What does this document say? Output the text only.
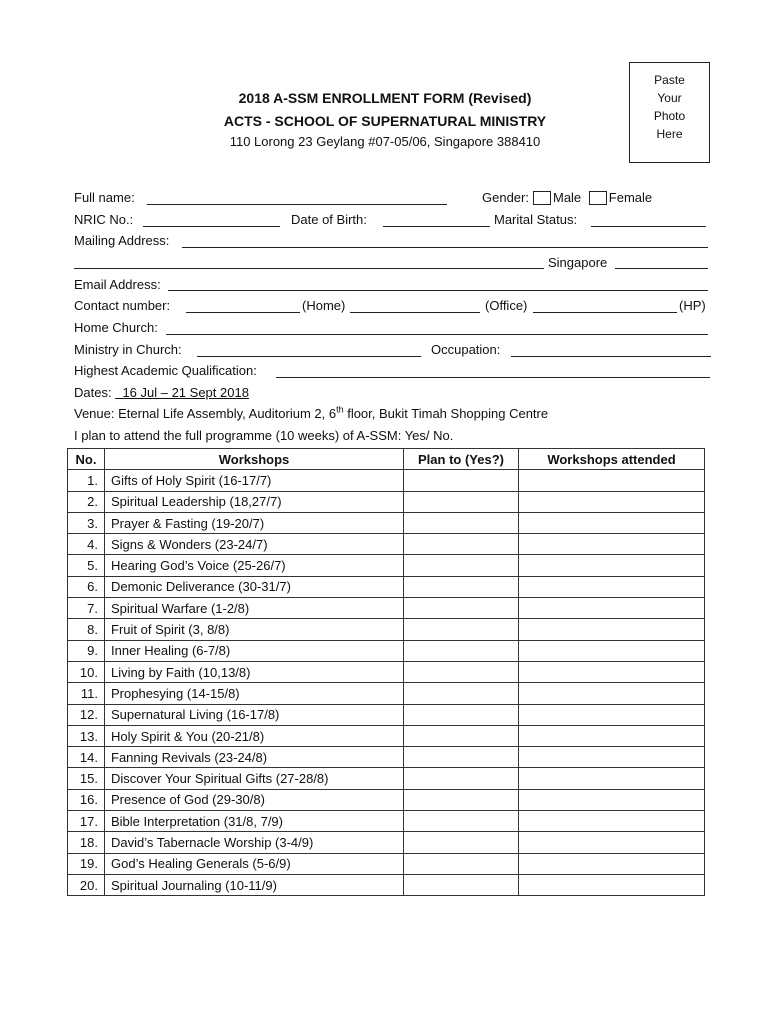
Paste
Your
Photo
Here
2018 A-SSM ENROLLMENT FORM (Revised)
ACTS - SCHOOL OF SUPERNATURAL MINISTRY
110 Lorong 23 Geylang #07-05/06, Singapore 388410
Full name:	Gender: Male Female
NRIC No.:	Date of Birth:	Marital Status:
Mailing Address:
Singapore
Email Address:
Contact number:	(Home)	(Office)	(HP)
Home Church:
Ministry in Church:	Occupation:
Highest Academic Qualification:
Dates: 16 Jul – 21 Sept 2018
Venue: Eternal Life Assembly, Auditorium 2, 6th floor, Bukit Timah Shopping Centre
I plan to attend the full programme (10 weeks) of A-SSM: Yes/ No.
No.	Workshops	Plan to (Yes?)	Workshops attended
1.	Gifts of Holy Spirit (16-17/7)		
2.	Spiritual Leadership (18,27/7)		
3.	Prayer & Fasting (19-20/7)		
4.	Signs & Wonders (23-24/7)		
5.	Hearing God’s Voice (25-26/7)		
6.	Demonic Deliverance (30-31/7)		
7.	Spiritual Warfare (1-2/8)		
8.	Fruit of Spirit (3, 8/8)		
9.	Inner Healing (6-7/8)		
10.	Living by Faith (10,13/8)		
11.	Prophesying (14-15/8)		
12.	Supernatural Living (16-17/8)		
13.	Holy Spirit & You (20-21/8)		
14.	Fanning Revivals (23-24/8)		
15.	Discover Your Spiritual Gifts (27-28/8)		
16.	Presence of God (29-30/8)		
17.	Bible Interpretation (31/8, 7/9)		
18.	David’s Tabernacle Worship (3-4/9)		
19.	God’s Healing Generals (5-6/9)		
20.	Spiritual Journaling (10-11/9)		
